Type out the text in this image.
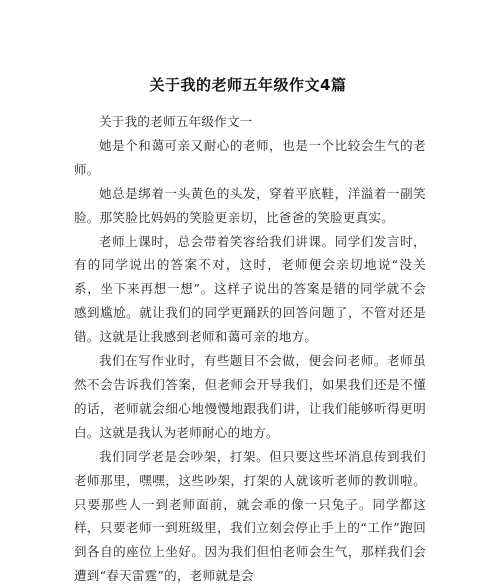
关于我的老师五年级作文4篇

关于我的老师五年级作文一

她是个和蔼可亲又耐心的老师，也是一个比较会生气的老师。

她总是绑着一头黄色的头发，穿着平底鞋，洋溢着一副笑脸。那笑脸比妈妈的笑脸更亲切，比爸爸的笑脸更真实。

老师上课时，总会带着笑容给我们讲课。同学们发言时，有的同学说出的答案不对，这时，老师便会亲切地说“没关系，坐下来再想一想”。这样子说出的答案是错的同学就不会感到尴尬。就让我们的同学更踊跃的回答问题了，不管对还是错。这就是让我感到老师和蔼可亲的地方。

我们在写作业时，有些题目不会做，便会问老师。老师虽然不会告诉我们答案，但老师会开导我们，如果我们还是不懂的话，老师就会细心地慢慢地跟我们讲，让我们能够听得更明白。这就是我认为老师耐心的地方。

我们同学老是会吵架，打架。但只要这些坏消息传到我们老师那里，嘿嘿，这些吵架，打架的人就该听老师的教训啦。只要那些人一到老师面前，就会乖的像一只兔子。同学都这样，只要老师一到班级里，我们立刻会停止手上的“工作”跑回到各自的座位上坐好。因为我们但怕老师会生气，那样我们会遭到“春天雷霆”的，老师就是会
